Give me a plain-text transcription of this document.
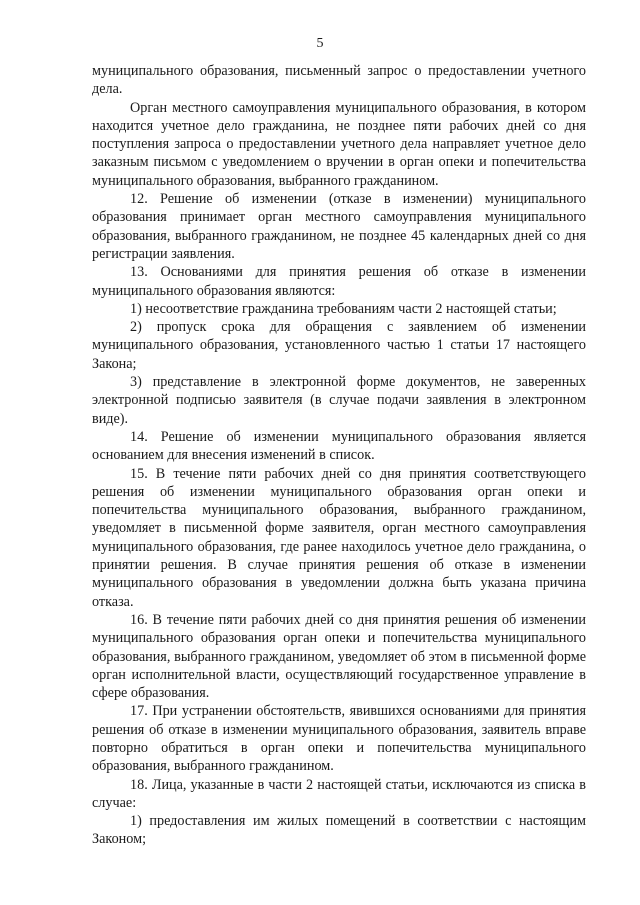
5

муниципального образования, письменный запрос о предоставлении учетного дела.

Орган местного самоуправления муниципального образования, в котором находится учетное дело гражданина, не позднее пяти рабочих дней со дня поступления запроса о предоставлении учетного дела направляет учетное дело заказным письмом с уведомлением о вручении в орган опеки и попечительства муниципального образования, выбранного гражданином.

12. Решение об изменении (отказе в изменении) муниципального образования принимает орган местного самоуправления муниципального образования, выбранного гражданином, не позднее 45 календарных дней со дня регистрации заявления.

13. Основаниями для принятия решения об отказе в изменении муниципального образования являются:

1) несоответствие гражданина требованиям части 2 настоящей статьи;

2) пропуск срока для обращения с заявлением об изменении муниципального образования, установленного частью 1 статьи 17 настоящего Закона;

3) представление в электронной форме документов, не заверенных электронной подписью заявителя (в случае подачи заявления в электронном виде).

14. Решение об изменении муниципального образования является основанием для внесения изменений в список.

15. В течение пяти рабочих дней со дня принятия соответствующего решения об изменении муниципального образования орган опеки и попечительства муниципального образования, выбранного гражданином, уведомляет в письменной форме заявителя, орган местного самоуправления муниципального образования, где ранее находилось учетное дело гражданина, о принятии решения. В случае принятия решения об отказе в изменении муниципального образования в уведомлении должна быть указана причина отказа.

16. В течение пяти рабочих дней со дня принятия решения об изменении муниципального образования орган опеки и попечительства муниципального образования, выбранного гражданином, уведомляет об этом в письменной форме орган исполнительной власти, осуществляющий государственное управление в сфере образования.

17. При устранении обстоятельств, явившихся основаниями для принятия решения об отказе в изменении муниципального образования, заявитель вправе повторно обратиться в орган опеки и попечительства муниципального образования, выбранного гражданином.

18. Лица, указанные в части 2 настоящей статьи, исключаются из списка в случае:

1) предоставления им жилых помещений в соответствии с настоящим Законом;
